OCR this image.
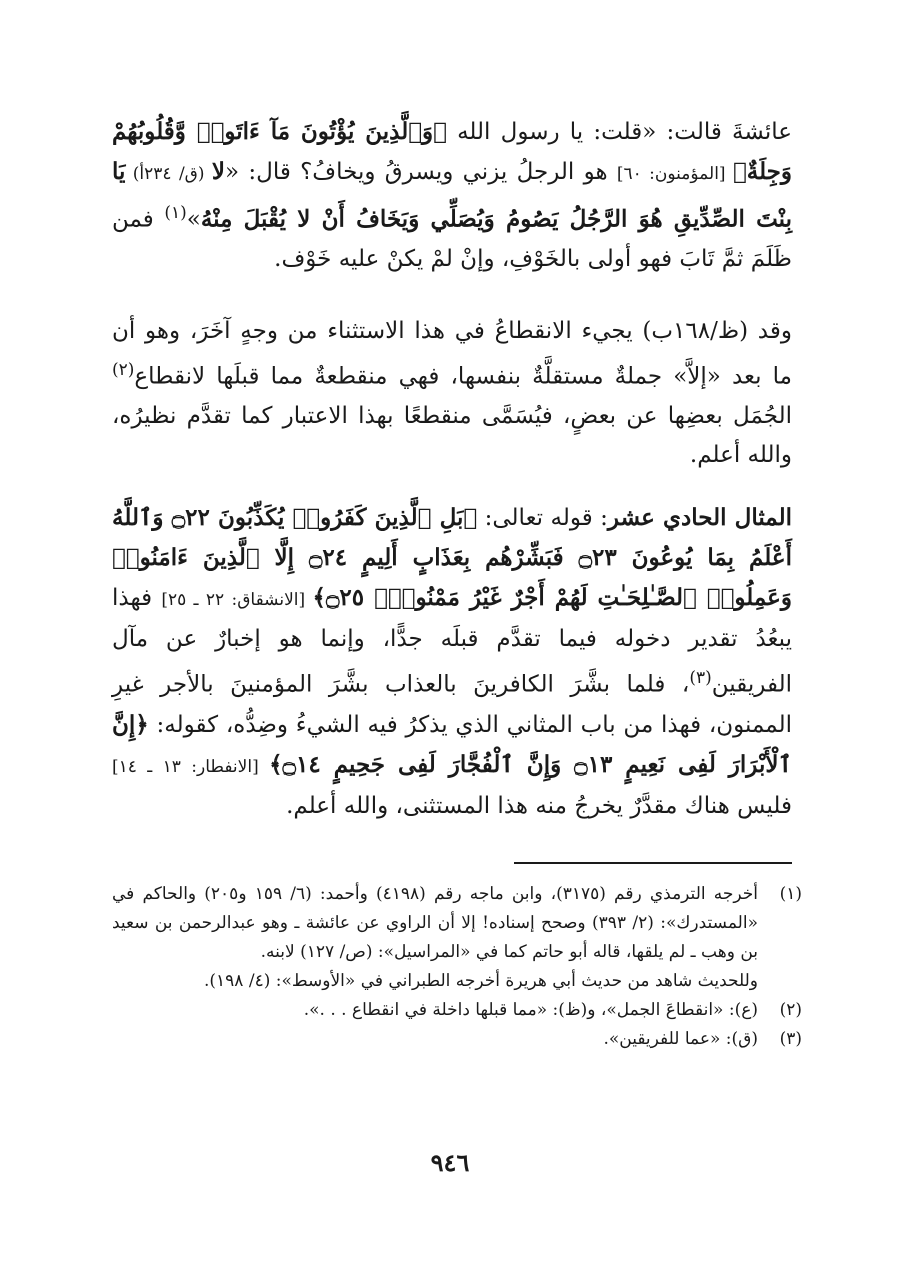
عائشةَ قالت: «قلت: يا رسول الله ﴿وَٱلَّذِينَ يُؤْتُونَ مَآ ءَاتَوا۟ وَّقُلُوبُهُمْ وَجِلَةٌ﴾ [المؤمنون: ٦٠] هو الرجلُ يزني ويسرقُ ويخافُ؟ قال: «لا (ق/ ٢٣٤أ) يَا بِنْتَ الصِّدِّيقِ هُوَ الرَّجُلُ يَصُومُ وَيُصَلِّي وَيَخَافُ أَنْ لا يُقْبَلَ مِنْهُ»$^{(١)}$ فمن ظَلَمَ ثمَّ تَابَ فهو أولى بالخَوْفِ، وإنْ لمْ يكنْ عليه خَوْف.

وقد (ظ/١٦٨ب) يجيء الانقطاعُ في هذا الاستثناء من وجهٍ آخَرَ، وهو أن ما بعد «إلاَّ» جملةٌ مستقلَّةٌ بنفسها، فهي منقطعةٌ مما قبلَها لانقطاع$^{(٢)}$ الجُمَل بعضِها عن بعضٍ، فيُسَمَّى منقطعًا بهذا الاعتبار كما تقدَّم نظيرُه، والله أعلم.

المثال الحادي عشر: قوله تعالى: ﴿بَلِ ٱلَّذِينَ كَفَرُوا۟ يُكَذِّبُونَ ۝٢٢ وَٱللَّهُ أَعْلَمُ بِمَا يُوعُونَ ۝٢٣ فَبَشِّرْهُم بِعَذَابٍ أَلِيمٍ ۝٢٤ إِلَّا ٱلَّذِينَ ءَامَنُوا۟ وَعَمِلُوا۟ ٱلصَّـٰلِحَـٰتِ لَهُمْ أَجْرٌ غَيْرُ مَمْنُونٍۭ ۝٢٥﴾ [الانشقاق: ٢٢ ـ ٢٥] فهذا يبعُدُ تقدير دخوله فيما تقدَّم قبلَه جدًّا، وإنما هو إخبارٌ عن مآل الفريقين$^{(٣)}$، فلما بشَّرَ الكافرينَ بالعذاب بشَّرَ المؤمنينَ بالأجر غيرِ الممنون، فهذا من باب المثاني الذي يذكرُ فيه الشيءُ وضِدُّه، كقوله: ﴿إِنَّ ٱلْأَبْرَارَ لَفِى نَعِيمٍ ۝١٣ وَإِنَّ ٱلْفُجَّارَ لَفِى جَحِيمٍ ۝١٤﴾ [الانفطار: ١٣ ـ ١٤] فليس هناك مقدَّرٌ يخرجُ منه هذا المستثنى، والله أعلم.

(١)
أخرجه الترمذي رقم (٣١٧٥)، وابن ماجه رقم (٤١٩٨) وأحمد: (٦/ ١٥٩ و٢٠٥) والحاكم في «المستدرك»: (٢/ ٣٩٣) وصحح إسناده! إلا أن الراوي عن عائشة ـ وهو عبدالرحمن بن سعيد بن وهب ـ لم يلقها، قاله أبو حاتم كما في «المراسيل»: (ص/ ١٢٧) لابنه.

وللحديث شاهد من حديث أبي هريرة أخرجه الطبراني في «الأوسط»: (٤/ ١٩٨).

(٢)
(ع): «انقطاعَ الجمل»، و(ظ): «مما قبلها داخلة في انقطاع . . .».
(٣)
(ق): «عما للفريقين».
٩٤٦
